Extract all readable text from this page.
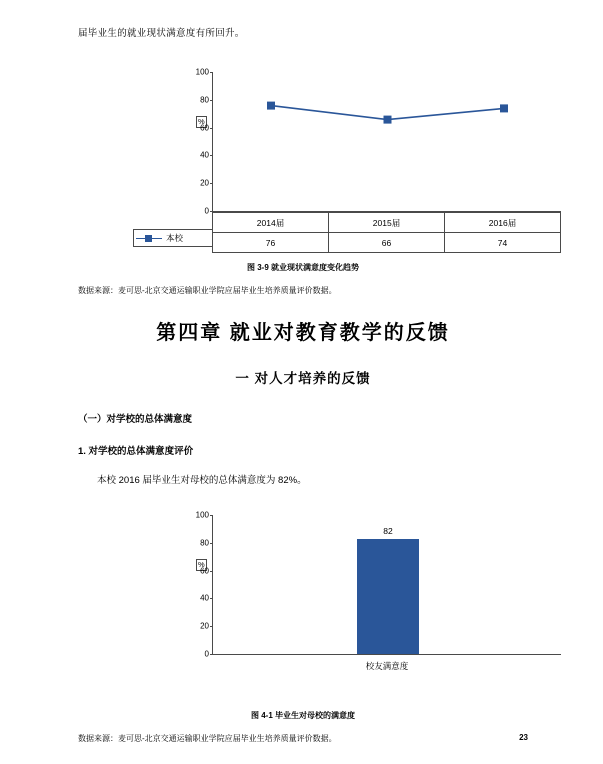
届毕业生的就业现状满意度有所回升。
%
100
80
60
40
20
0
本校
2014届	2015届	2016届
76	66	74
图 3-9 就业现状满意度变化趋势
数据来源：麦可思-北京交通运输职业学院应届毕业生培养质量评价数据。
第四章 就业对教育教学的反馈
一 对人才培养的反馈
（一）对学校的总体满意度
1. 对学校的总体满意度评价

本校 2016 届毕业生对母校的总体满意度为 82%。

%
100
80
60
40
20
0
82
校友满意度
图 4-1 毕业生对母校的满意度
数据来源：麦可思-北京交通运输职业学院应届毕业生培养质量评价数据。	23
